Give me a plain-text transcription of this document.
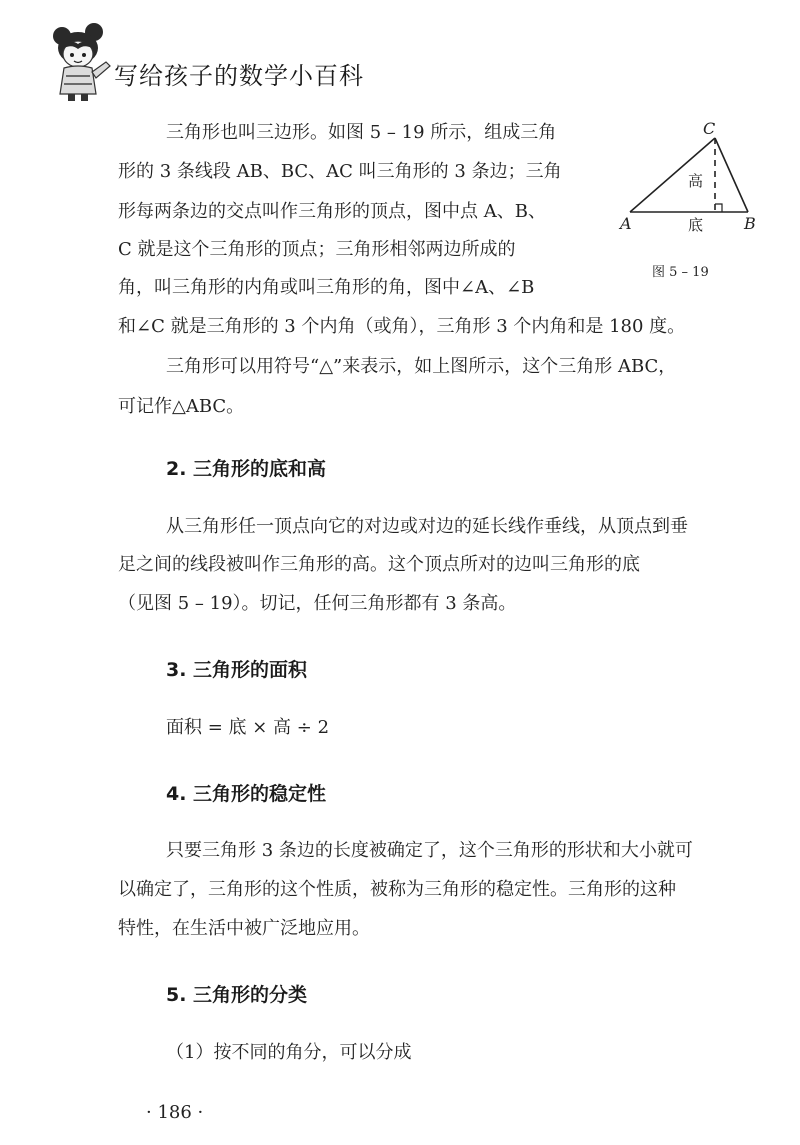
写给孩子的数学小百科
三角形也叫三边形。如图 5 – 19 所示，组成三角
形的 3 条线段 AB、BC、AC 叫三角形的 3 条边；三角
形每两条边的交点叫作三角形的顶点，图中点 A、B、
C 就是这个三角形的顶点；三角形相邻两边所成的
角，叫三角形的内角或叫三角形的角，图中∠A、∠B
和∠C 就是三角形的 3 个内角（或角），三角形 3 个内角和是 180 度。
C
A	B
高
底
图 5 – 19
三角形可以用符号“△”来表示，如上图所示，这个三角形 ABC，
可记作△ABC。
2. 三角形的底和高
从三角形任一顶点向它的对边或对边的延长线作垂线，从顶点到垂
足之间的线段被叫作三角形的高。这个顶点所对的边叫三角形的底
（见图 5 – 19）。切记，任何三角形都有 3 条高。
3. 三角形的面积
面积 = 底 × 高 ÷ 2
4. 三角形的稳定性
只要三角形 3 条边的长度被确定了，这个三角形的形状和大小就可
以确定了，三角形的这个性质，被称为三角形的稳定性。三角形的这种
特性，在生活中被广泛地应用。
5. 三角形的分类
（1）按不同的角分，可以分成
· 186 ·
